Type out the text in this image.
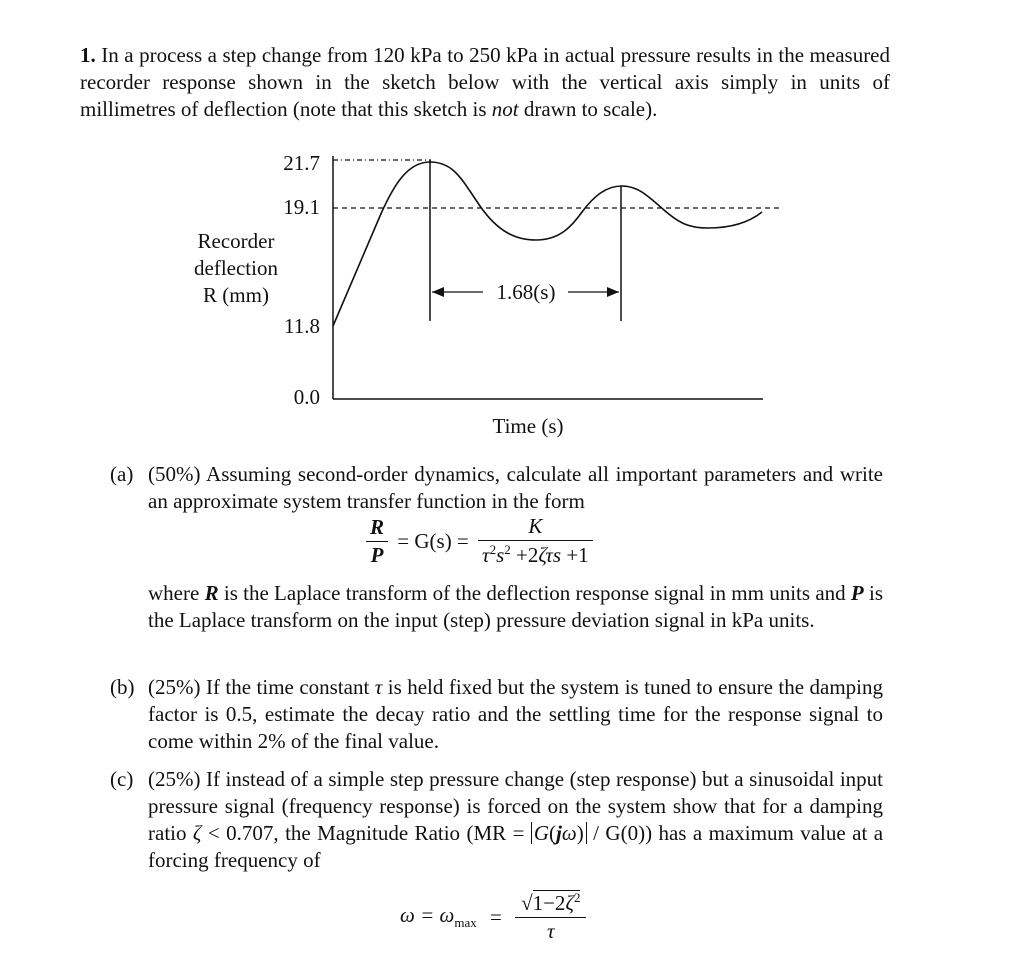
1. In a process a step change from 120 kPa to 250 kPa in actual pressure results in the measured recorder response shown in the sketch below with the vertical axis simply in units of millimetres of deflection (note that this sketch is not drawn to scale).
1.68(s)
21.7
19.1
11.8
0.0
Recorder
deflection
R (mm)
Time (s)
(a) (50%) Assuming second-order dynamics, calculate all important parameters and write an approximate system transfer function in the form
$\frac{R}{P} = G(s) = \frac{K}{\tau^2s^2 +2\zeta\tau s +1}$
where R is the Laplace transform of the deflection response signal in mm units and P is the Laplace transform on the input (step) pressure deviation signal in kPa units.
(b) (25%) If the time constant τ is held fixed but the system is tuned to ensure the damping factor is 0.5, estimate the decay ratio and the settling time for the response signal to come within 2% of the final value.
(c) (25%) If instead of a simple step pressure change (step response) but a sinusoidal input pressure signal (frequency response) is forced on the system show that for a damping ratio ζ < 0.707, the Magnitude Ratio (MR = G(jω) / G(0)) has a maximum value at a forcing frequency of
$\omega = \omega_{max} = \frac{√1-2\zeta^2}{\tau}$
